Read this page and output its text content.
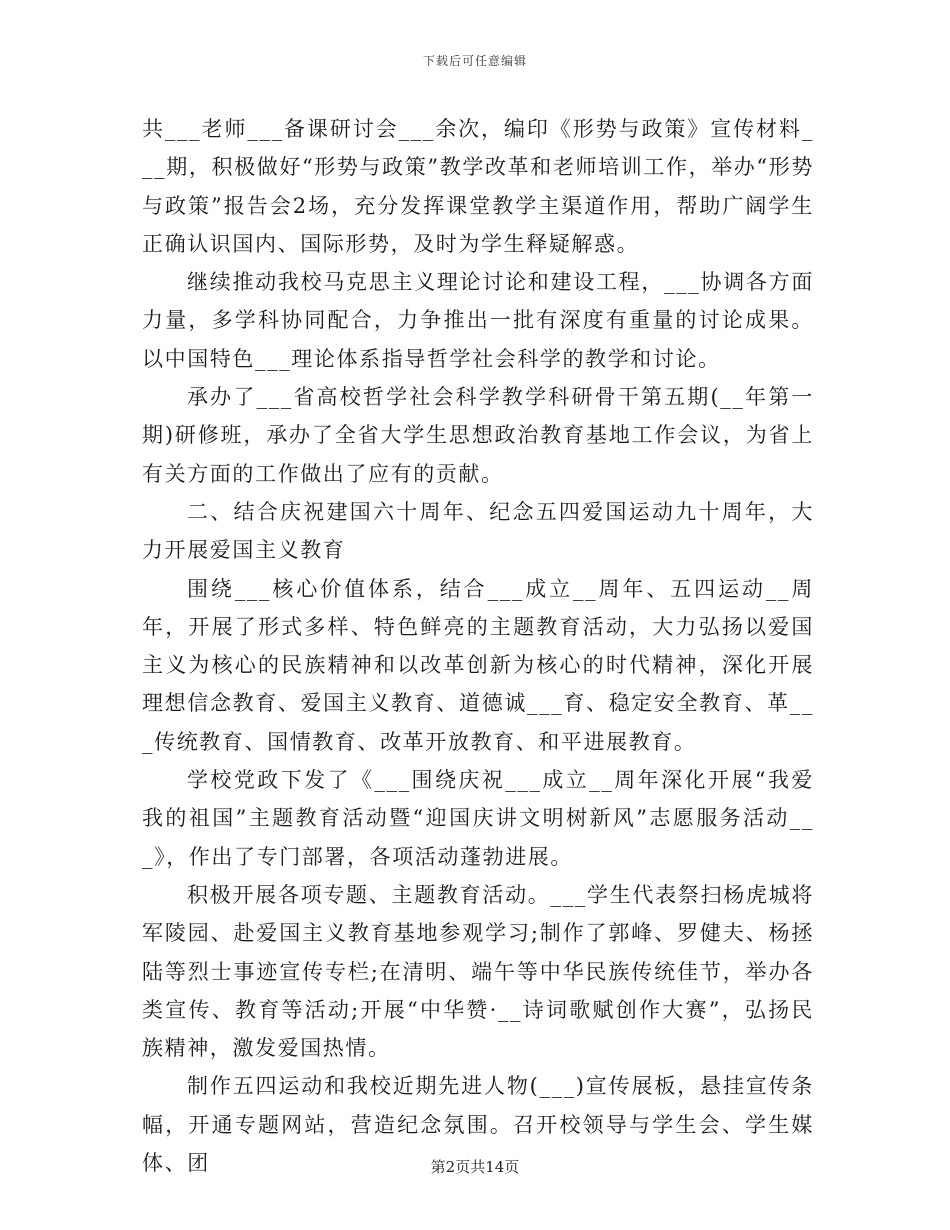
下载后可任意编辑

共___老师___备课研讨会___余次，编印《形势与政策》宣传材料___期，积极做好“形势与政策”教学改革和老师培训工作，举办“形势与政策”报告会2场，充分发挥课堂教学主渠道作用，帮助广阔学生正确认识国内、国际形势，及时为学生释疑解惑。

继续推动我校马克思主义理论讨论和建设工程，___协调各方面力量，多学科协同配合，力争推出一批有深度有重量的讨论成果。以中国特色___理论体系指导哲学社会科学的教学和讨论。

承办了___省高校哲学社会科学教学科研骨干第五期(__年第一期)研修班，承办了全省大学生思想政治教育基地工作会议，为省上有关方面的工作做出了应有的贡献。

二、结合庆祝建国六十周年、纪念五四爱国运动九十周年，大力开展爱国主义教育

围绕___核心价值体系，结合___成立__周年、五四运动__周年，开展了形式多样、特色鲜亮的主题教育活动，大力弘扬以爱国主义为核心的民族精神和以改革创新为核心的时代精神，深化开展理想信念教育、爱国主义教育、道德诚___育、稳定安全教育、革___传统教育、国情教育、改革开放教育、和平进展教育。

学校党政下发了《___围绕庆祝___成立__周年深化开展“我爱我的祖国”主题教育活动暨“迎国庆讲文明树新风”志愿服务活动___》，作出了专门部署，各项活动蓬勃进展。

积极开展各项专题、主题教育活动。___学生代表祭扫杨虎城将军陵园、赴爱国主义教育基地参观学习;制作了郭峰、罗健夫、杨拯陆等烈士事迹宣传专栏;在清明、端午等中华民族传统佳节，举办各类宣传、教育等活动;开展“中华赞·__诗词歌赋创作大赛”，弘扬民族精神，激发爱国热情。

制作五四运动和我校近期先进人物(___)宣传展板，悬挂宣传条幅，开通专题网站，营造纪念氛围。召开校领导与学生会、学生媒体、团	第2页共14页
